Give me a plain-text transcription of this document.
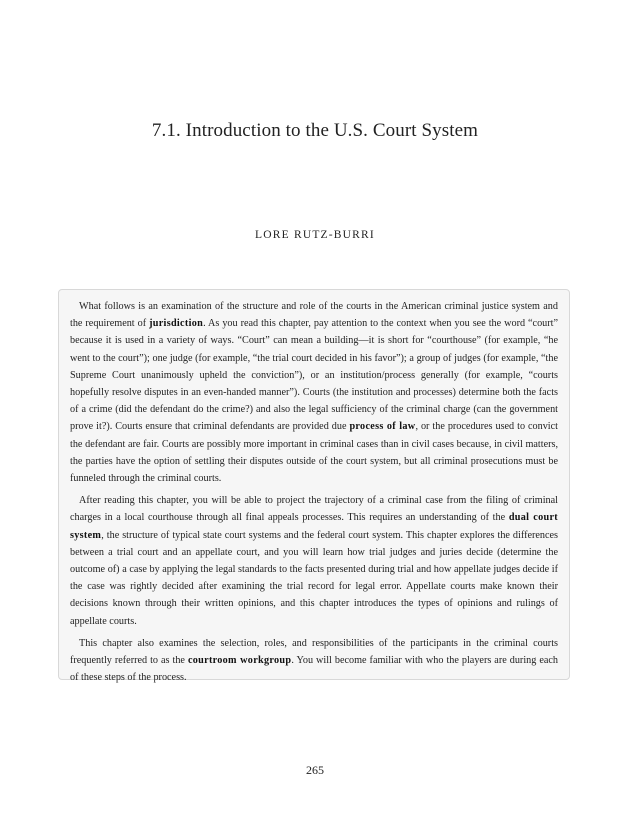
7.1. Introduction to the U.S. Court System
LORE RUTZ-BURRI

What follows is an examination of the structure and role of the courts in the American criminal justice system and the requirement of jurisdiction. As you read this chapter, pay attention to the context when you see the word “court” because it is used in a variety of ways. “Court” can mean a building—it is short for “courthouse” (for example, “he went to the court”); one judge (for example, “the trial court decided in his favor”); a group of judges (for example, “the Supreme Court unanimously upheld the conviction”), or an institution/process generally (for example, “courts hopefully resolve disputes in an even-handed manner”). Courts (the institution and processes) determine both the facts of a crime (did the defendant do the crime?) and also the legal sufficiency of the criminal charge (can the government prove it?). Courts ensure that criminal defendants are provided due process of law, or the procedures used to convict the defendant are fair. Courts are possibly more important in criminal cases than in civil cases because, in civil matters, the parties have the option of settling their disputes outside of the court system, but all criminal prosecutions must be funneled through the criminal courts.

After reading this chapter, you will be able to project the trajectory of a criminal case from the filing of criminal charges in a local courthouse through all final appeals processes. This requires an understanding of the dual court system, the structure of typical state court systems and the federal court system. This chapter explores the differences between a trial court and an appellate court, and you will learn how trial judges and juries decide (determine the outcome of) a case by applying the legal standards to the facts presented during trial and how appellate judges decide if the case was rightly decided after examining the trial record for legal error. Appellate courts make known their decisions known through their written opinions, and this chapter introduces the types of opinions and rulings of appellate courts.

This chapter also examines the selection, roles, and responsibilities of the participants in the criminal courts frequently referred to as the courtroom workgroup. You will become familiar with who the players are during each of these steps of the process.

265
